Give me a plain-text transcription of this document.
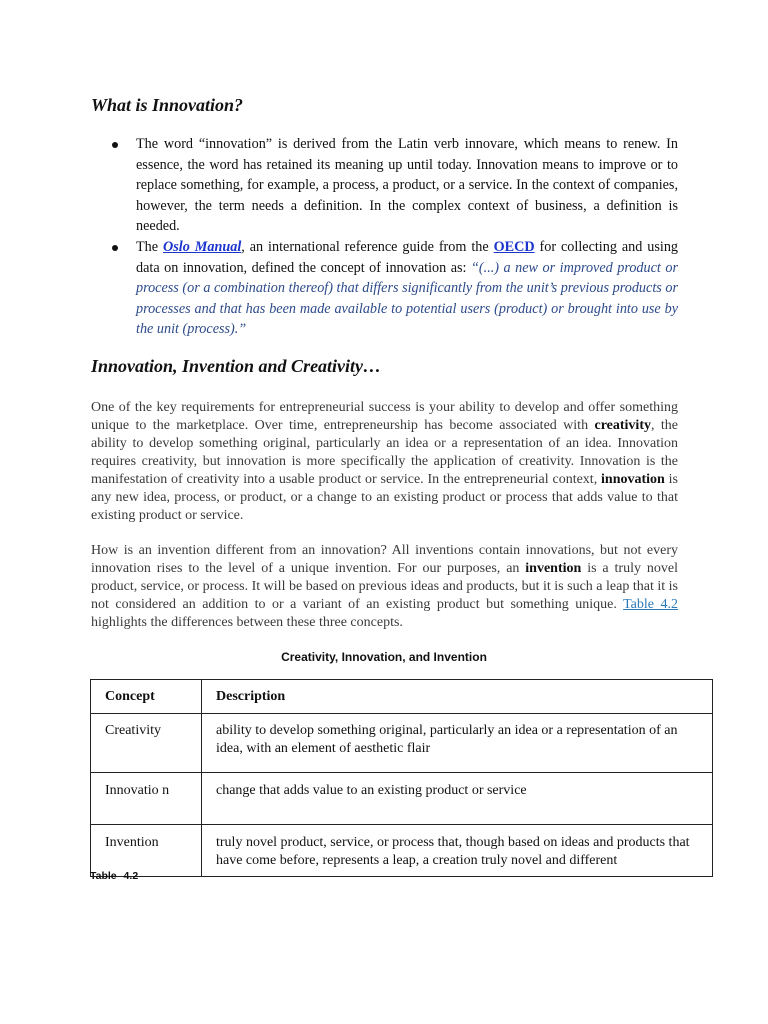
What is Innovation?
The word “innovation” is derived from the Latin verb innovare, which means to renew. In essence, the word has retained its meaning up until today. Innovation means to improve or to replace something, for example, a process, a product, or a service. In the context of companies, however, the term needs a definition. In the complex context of business, a definition is needed.
The Oslo Manual, an international reference guide from the OECD for collecting and using data on innovation, defined the concept of innovation as: “(...) a new or improved product or process (or a combination thereof) that differs significantly from the unit’s previous products or processes and that has been made available to potential users (product) or brought into use by the unit (process).”
Innovation, Invention and Creativity…

One of the key requirements for entrepreneurial success is your ability to develop and offer something unique to the marketplace. Over time, entrepreneurship has become associated with creativity, the ability to develop something original, particularly an idea or a representation of an idea. Innovation requires creativity, but innovation is more specifically the application of creativity. Innovation is the manifestation of creativity into a usable product or service. In the entrepreneurial context, innovation is any new idea, process, or product, or a change to an existing product or process that adds value to that existing product or service.

How is an invention different from an innovation? All inventions contain innovations, but not every innovation rises to the level of a unique invention. For our purposes, an invention is a truly novel product, service, or process. It will be based on previous ideas and products, but it is such a leap that it is not considered an addition to or a variant of an existing product but something unique. Table 4.2 highlights the differences between these three concepts.

Creativity, Innovation, and Invention
Concept	Description
Creativity	ability to develop something original, particularly an idea or a representation of an idea, with an element of aesthetic flair
Innovatio n	change that adds value to an existing product or service
Invention	truly novel product, service, or process that, though based on ideas and products that have come before, represents a leap, a creation truly novel and different
Table 4.2
